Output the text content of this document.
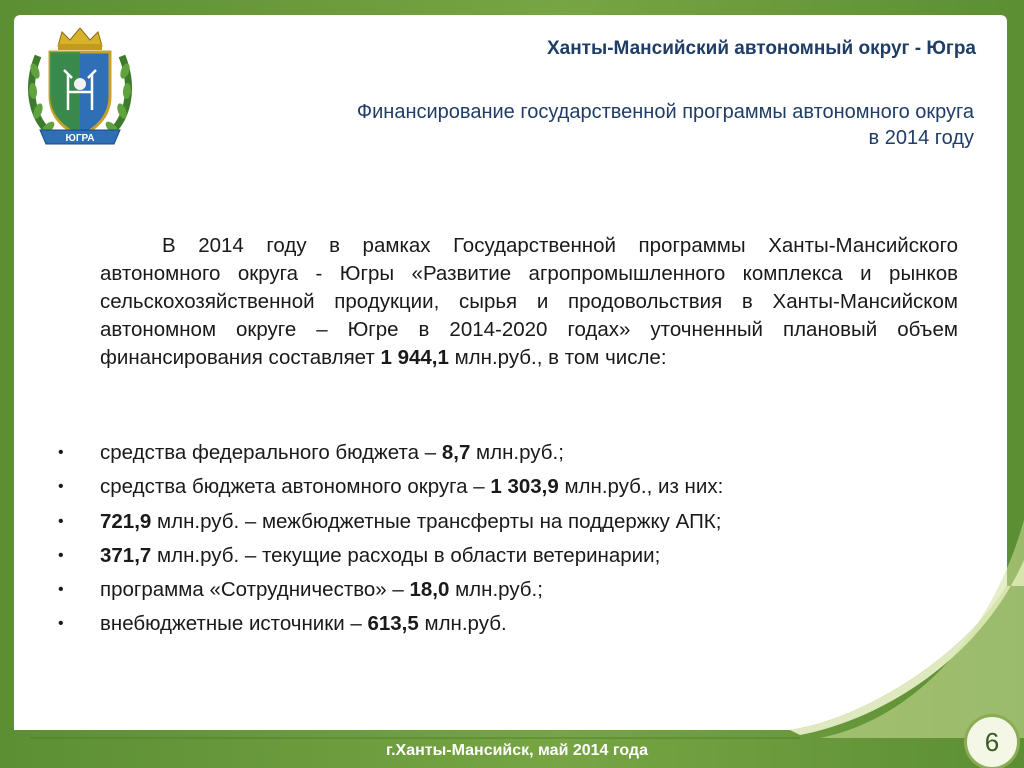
ЮГРА
Ханты-Мансийский автономный округ - Югра
Финансирование государственной программы автономного округа
в 2014 году
В 2014 году в рамках Государственной программы Ханты-Мансийского автономного округа - Югры «Развитие агропромышленного комплекса и рынков сельскохозяйственной продукции, сырья и продовольствия в Ханты-Мансийском автономном округе – Югре в 2014-2020 годах» уточненный плановый объем финансирования составляет 1 944,1 млн.руб., в том числе:
• средства федерального бюджета – 8,7 млн.руб.;
• средства бюджета автономного округа – 1 303,9 млн.руб., из них:
• 721,9 млн.руб. – межбюджетные трансферты на поддержку АПК;
• 371,7 млн.руб. – текущие расходы в области ветеринарии;
• программа «Сотрудничество» – 18,0 млн.руб.;
• внебюджетные источники – 613,5 млн.руб.
г.Ханты-Мансийск, май 2014 года	6
